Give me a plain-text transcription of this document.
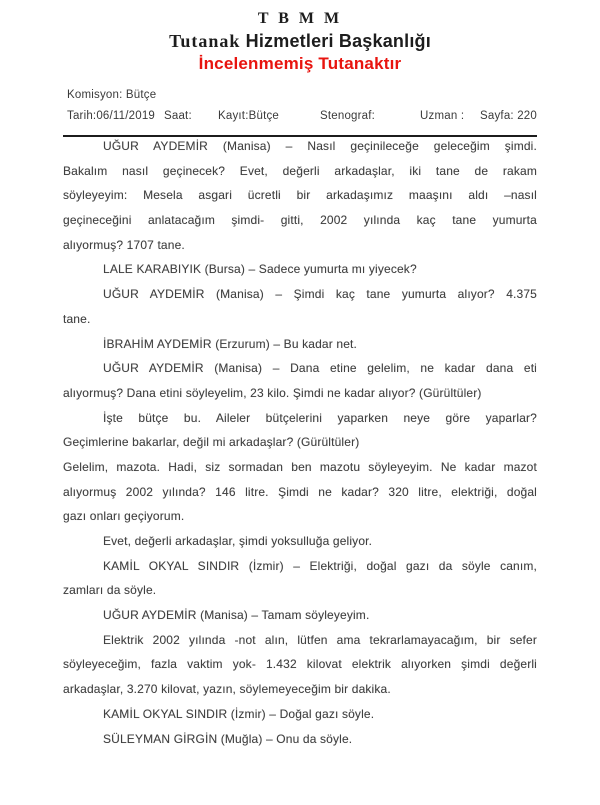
T B M M
Tutanak Hizmetleri Başkanlığı
İncelenmemiş Tutanaktır
Komisyon: Bütçe
Tarih:06/11/2019 Saat: Kayıt:Bütçe	Stenograf:	Uzman : Sayfa: 220
UĞUR AYDEMİR (Manisa) – Nasıl geçinileceğe geleceğim şimdi.
Bakalım nasıl geçinecek? Evet, değerli arkadaşlar, iki tane de rakam
söyleyeyim: Mesela asgari ücretli bir arkadaşımız maaşını aldı –nasıl
geçineceğini anlatacağım şimdi- gitti, 2002 yılında kaç tane yumurta
alıyormuş? 1707 tane.
LALE KARABIYIK (Bursa) – Sadece yumurta mı yiyecek?
UĞUR AYDEMİR (Manisa) – Şimdi kaç tane yumurta alıyor? 4.375
tane.
İBRAHİM AYDEMİR (Erzurum) – Bu kadar net.
UĞUR AYDEMİR (Manisa) – Dana etine gelelim, ne kadar dana eti
alıyormuş? Dana etini söyleyelim, 23 kilo. Şimdi ne kadar alıyor? (Gürültüler)
İşte bütçe bu. Aileler bütçelerini yaparken neye göre yaparlar?
Geçimlerine bakarlar, değil mi arkadaşlar? (Gürültüler)
Gelelim, mazota. Hadi, siz sormadan ben mazotu söyleyeyim. Ne kadar mazot
alıyormuş 2002 yılında? 146 litre. Şimdi ne kadar? 320 litre, elektriği, doğal
gazı onları geçiyorum.
Evet, değerli arkadaşlar, şimdi yoksulluğa geliyor.
KAMİL OKYAL SINDIR (İzmir) – Elektriği, doğal gazı da söyle canım,
zamları da söyle.
UĞUR AYDEMİR (Manisa) – Tamam söyleyeyim.
Elektrik 2002 yılında -not alın, lütfen ama tekrarlamayacağım, bir sefer
söyleyeceğim, fazla vaktim yok- 1.432 kilovat elektrik alıyorken şimdi değerli
arkadaşlar, 3.270 kilovat, yazın, söylemeyeceğim bir dakika.
KAMİL OKYAL SINDIR (İzmir) – Doğal gazı söyle.
SÜLEYMAN GİRGİN (Muğla) – Onu da söyle.
